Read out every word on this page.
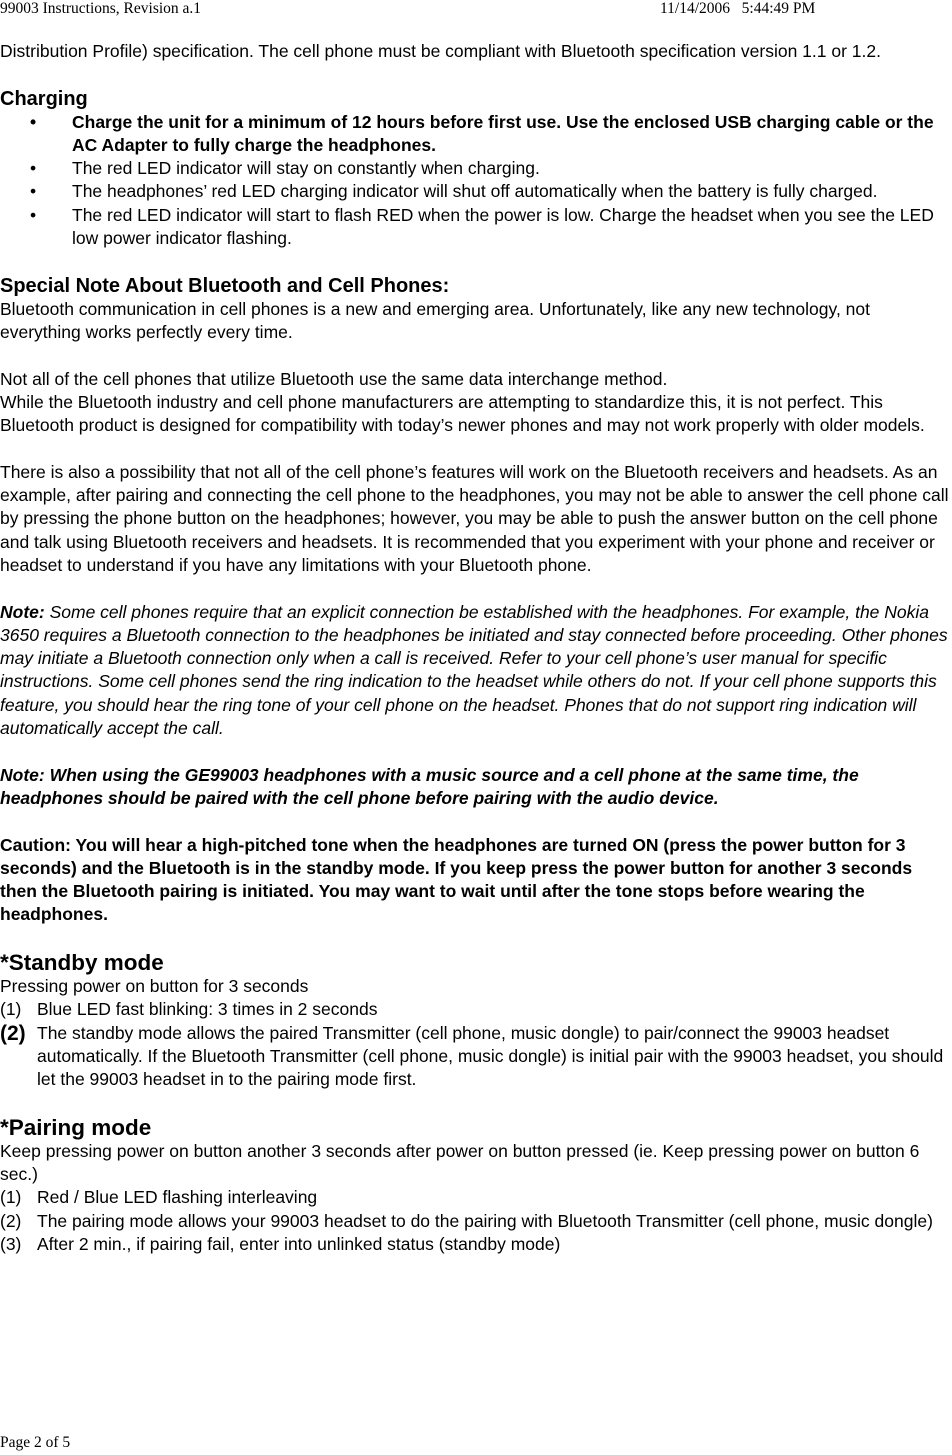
99003 Instructions, Revision a.1	11/14/2006   5:44:49 PM

Distribution Profile) specification. The cell phone must be compliant with Bluetooth specification version 1.1 or 1.2.

Charging

• Charge the unit for a minimum of 12 hours before first use. Use the enclosed USB charging cable or the AC Adapter to fully charge the headphones.
• The red LED indicator will stay on constantly when charging.
• The headphones’ red LED charging indicator will shut off automatically when the battery is fully charged.
• The red LED indicator will start to flash RED when the power is low. Charge the headset when you see the LED low power indicator flashing.

Special Note About Bluetooth and Cell Phones:

Bluetooth communication in cell phones is a new and emerging area. Unfortunately, like any new technology, not everything works perfectly every time.

Not all of the cell phones that utilize Bluetooth use the same data interchange method.

While the Bluetooth industry and cell phone manufacturers are attempting to standardize this, it is not perfect. This Bluetooth product is designed for compatibility with today’s newer phones and may not work properly with older models.

There is also a possibility that not all of the cell phone’s features will work on the Bluetooth receivers and headsets. As an example, after pairing and connecting the cell phone to the headphones, you may not be able to answer the cell phone call by pressing the phone button on the headphones; however, you may be able to push the answer button on the cell phone and talk using Bluetooth receivers and headsets. It is recommended that you experiment with your phone and receiver or headset to understand if you have any limitations with your Bluetooth phone.

Note: Some cell phones require that an explicit connection be established with the headphones. For example, the Nokia 3650 requires a Bluetooth connection to the headphones be initiated and stay connected before proceeding. Other phones may initiate a Bluetooth connection only when a call is received. Refer to your cell phone’s user manual for specific instructions. Some cell phones send the ring indication to the headset while others do not. If your cell phone supports this feature, you should hear the ring tone of your cell phone on the headset. Phones that do not support ring indication will automatically accept the call.

Note: When using the GE99003 headphones with a music source and a cell phone at the same time, the headphones should be paired with the cell phone before pairing with the audio device.

Caution: You will hear a high-pitched tone when the headphones are turned ON (press the power button for 3 seconds) and the Bluetooth is in the standby mode. If you keep press the power button for another 3 seconds then the Bluetooth pairing is initiated. You may want to wait until after the tone stops before wearing the headphones.

*Standby mode

Pressing power on button for 3 seconds

(1) Blue LED fast blinking: 3 times in 2 seconds
(2) The standby mode allows the paired Transmitter (cell phone, music dongle) to pair/connect the 99003 headset automatically. If the Bluetooth Transmitter (cell phone, music dongle) is initial pair with the 99003 headset, you should let the 99003 headset in to the pairing mode first.

*Pairing mode

Keep pressing power on button another 3 seconds after power on button pressed (ie. Keep pressing power on button 6 sec.)

(1) Red / Blue LED flashing interleaving
(2) The pairing mode allows your 99003 headset to do the pairing with Bluetooth Transmitter (cell phone, music dongle)
(3) After 2 min., if pairing fail, enter into unlinked status (standby mode)
Page 2 of 5
